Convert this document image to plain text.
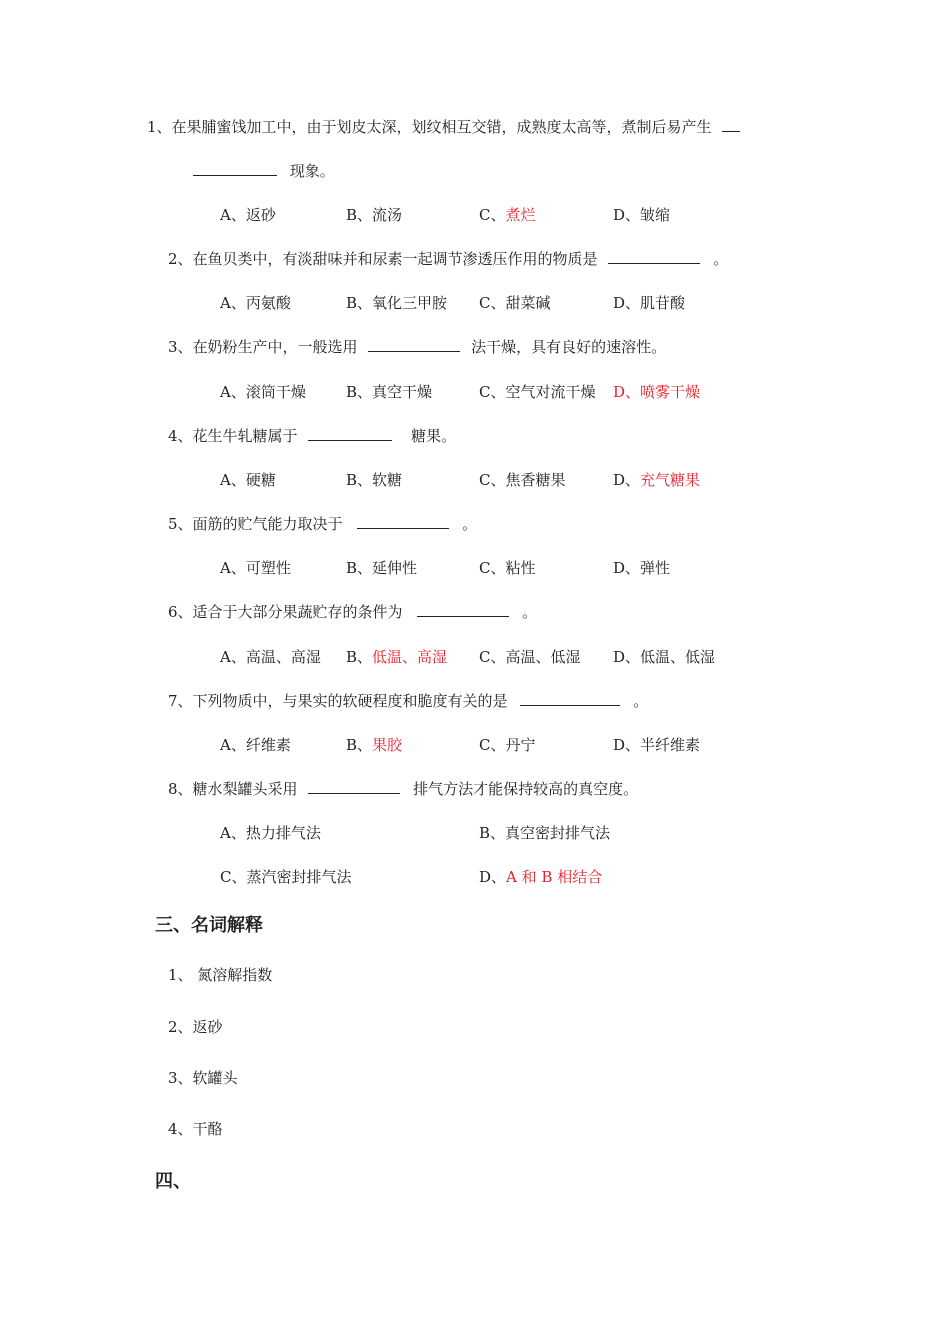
1、在果脯蜜饯加工中，由于划皮太深，划纹相互交错，成熟度太高等，煮制后易产生
现象。
A、返砂	B、流汤	C、煮烂	D、皱缩
2、在鱼贝类中，有淡甜味并和尿素一起调节渗透压作用的物质是	。
A、丙氨酸	B、氧化三甲胺 C、甜菜碱	D、肌苷酸
3、在奶粉生产中，一般选用	法干燥，具有良好的速溶性。
A、滚筒干燥	B、真空干燥	C、空气对流干燥 D、喷雾干燥
4、花生牛轧糖属于	糖果。
A、硬糖	B、软糖	C、焦香糖果	D、充气糖果
5、面筋的贮气能力取决于	。
A、可塑性	B、延伸性	C、粘性	D、弹性
6、适合于大部分果蔬贮存的条件为	。
A、高温、高湿 B、低温、高湿 C、高温、低湿 D、低温、低湿
7、下列物质中，与果实的软硬程度和脆度有关的是	。
A、纤维素	B、果胶	C、丹宁	D、半纤维素
8、糖水梨罐头采用	排气方法才能保持较高的真空度。
A、热力排气法	B、真空密封排气法
C、蒸汽密封排气法	D、A 和 B 相结合
三、名词解释
1、 氮溶解指数
2、返砂
3、软罐头
4、干酪
四、
